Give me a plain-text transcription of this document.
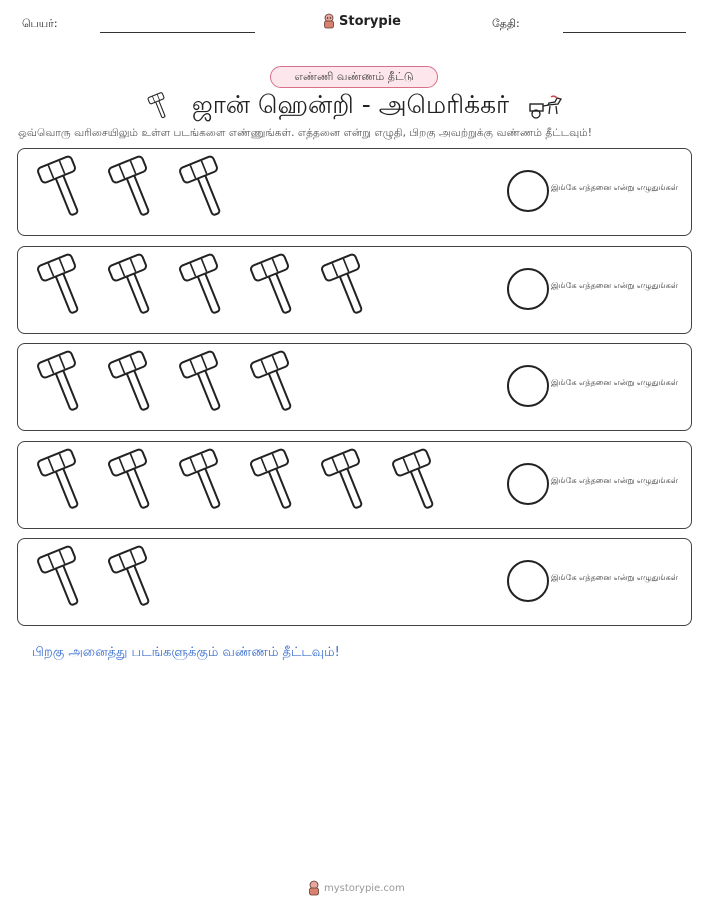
பெயர்:	Storypie	தேதி:
எண்ணி வண்ணம் தீட்டு
ஜான் ஹென்றி - அமெரிக்கர்
ஒவ்வொரு வரிசையிலும் உள்ள படங்களை எண்ணுங்கள். எத்தனை என்று எழுதி, பிறகு அவற்றுக்கு வண்ணம் தீட்டவும்!
இங்கே எத்தனை என்று எழுதுங்கள்
இங்கே எத்தனை என்று எழுதுங்கள்
இங்கே எத்தனை என்று எழுதுங்கள்
இங்கே எத்தனை என்று எழுதுங்கள்
இங்கே எத்தனை என்று எழுதுங்கள்
பிறகு அனைத்து படங்களுக்கும் வண்ணம் தீட்டவும்!
mystorypie.com
